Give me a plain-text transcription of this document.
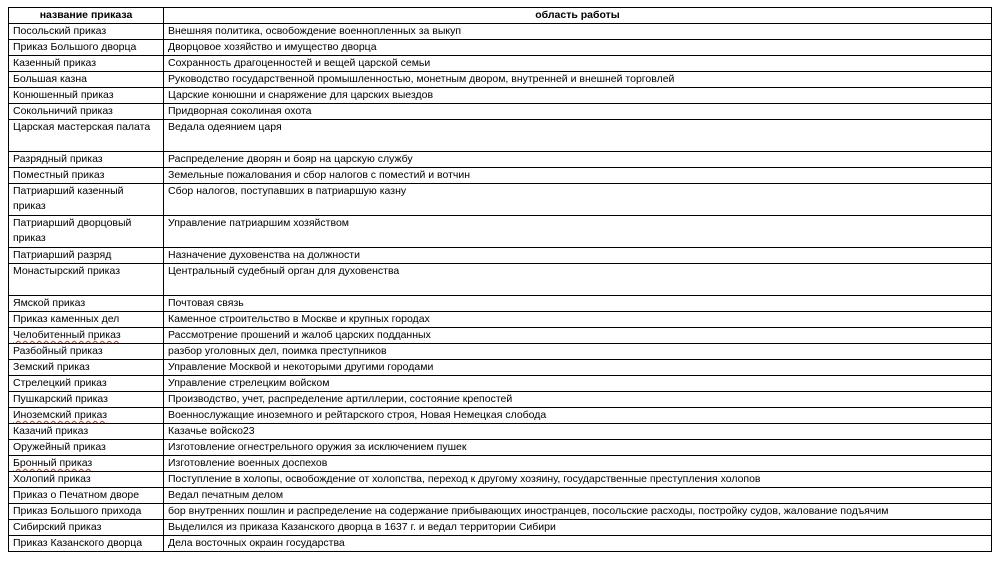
название приказа	область работы
Посольский приказ	Внешняя политика, освобождение военнопленных за выкуп
Приказ Большого дворца	Дворцовое хозяйство и имущество дворца
Казенный приказ	Сохранность драгоценностей и вещей царской семьи
Большая казна	Руководство государственной промышленностью, монетным двором, внутренней и внешней торговлей
Конюшенный приказ	Царские конюшни и снаряжение для царских выездов
Сокольничий приказ	Придворная соколиная охота
Царская мастерская палата	Ведала одеянием царя
Разрядный приказ	Распределение дворян и бояр на царскую службу
Поместный приказ	Земельные пожалования и сбор налогов с поместий и вотчин
Патриарший казенный приказ	Сбор налогов, поступавших в патриаршую казну
Патриарший дворцовый приказ	Управление патриаршим хозяйством
Патриарший разряд	Назначение духовенства на должности
Монастырский приказ	Центральный судебный орган для духовенства
Ямской приказ	Почтовая связь
Приказ каменных дел	Каменное строительство в Москве и крупных городах
Челобитенный приказ	Рассмотрение прошений и жалоб царских подданных
Разбойный приказ	разбор уголовных дел, поимка преступников
Земский приказ	Управление Москвой и некоторыми другими городами
Стрелецкий приказ	Управление стрелецким войском
Пушкарский приказ	Производство, учет, распределение артиллерии, состояние крепостей
Иноземский приказ	Военнослужащие иноземного и рейтарского строя, Новая Немецкая слобода
Казачий приказ	Казачье войско23
Оружейный приказ	Изготовление огнестрельного оружия за исключением пушек
Бронный приказ	Изготовление военных доспехов
Холопий приказ	Поступление в холопы, освобождение от холопства, переход к другому хозяину, государственные преступления холопов
Приказ о Печатном дворе	Ведал печатным делом
Приказ Большого прихода	бор внутренних пошлин и распределение на содержание прибывающих иностранцев, посольские расходы, постройку судов, жалование подъячим
Сибирский приказ	Выделился из приказа Казанского дворца в 1637 г. и ведал территории Сибири
Приказ Казанского дворца	Дела восточных окраин государства
